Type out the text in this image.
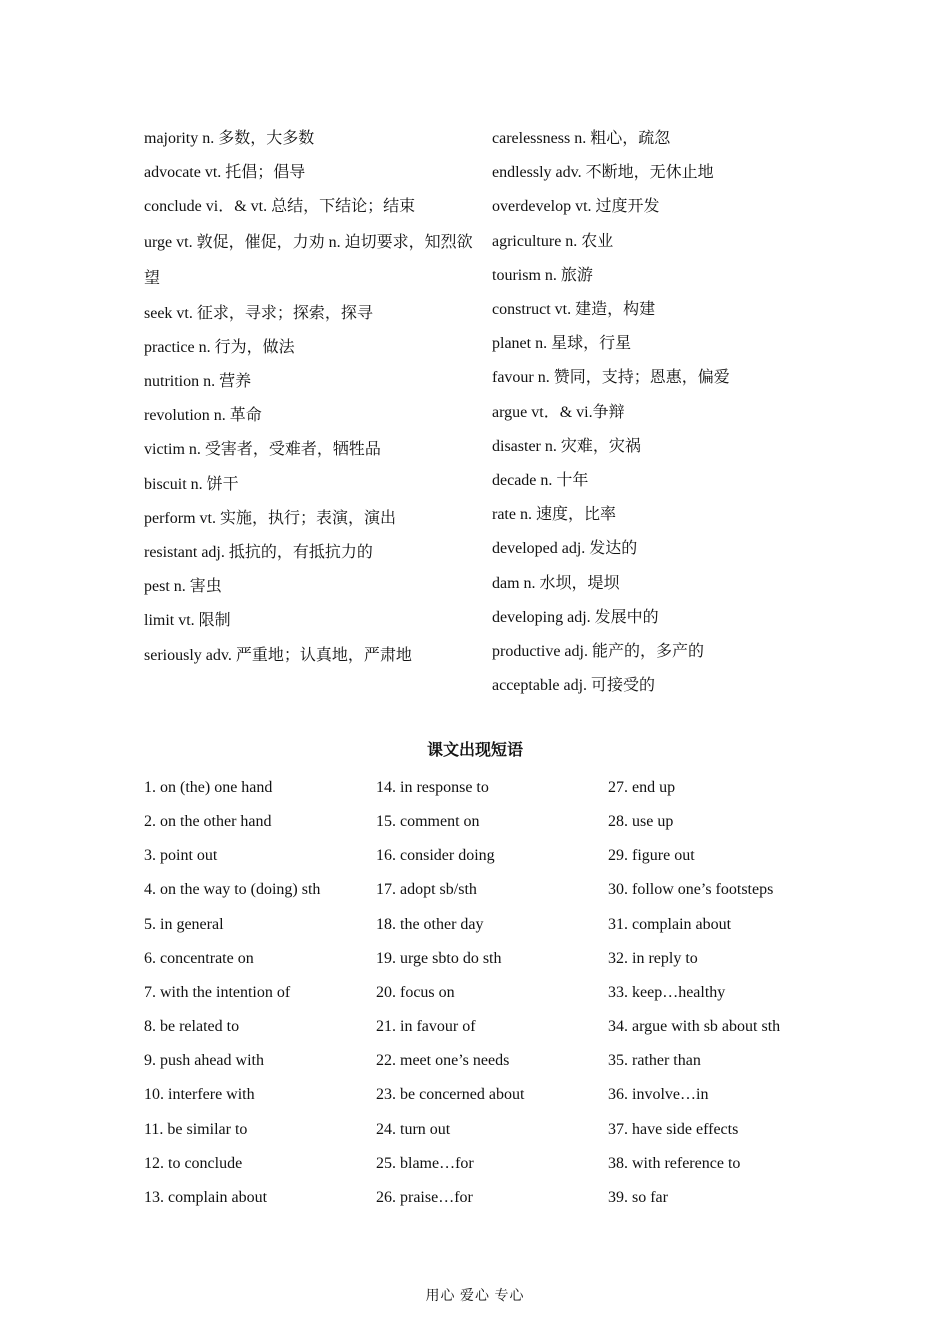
majority n. 多数，大多数
advocate vt. 托倡；倡导
conclude vi．& vt. 总结，下结论；结束
urge vt. 敦促，催促，力劝 n. 迫切要求，知烈欲望
seek vt. 征求，寻求；探索，探寻
practice n. 行为，做法
nutrition n. 营养
revolution n. 革命
victim n. 受害者，受难者，牺牲品
biscuit n. 饼干
perform vt. 实施，执行；表演，演出
resistant adj. 抵抗的，有抵抗力的
pest n. 害虫
limit vt. 限制
seriously adv. 严重地；认真地，严肃地
carelessness n. 粗心，疏忽
endlessly adv. 不断地，无休止地
overdevelop vt. 过度开发
agriculture n. 农业
tourism n. 旅游
construct vt. 建造，构建
planet n. 星球，行星
favour n. 赞同，支持；恩惠，偏爱
argue vt．& vi.争辩
disaster n. 灾难，灾祸
decade n. 十年
rate n. 速度，比率
developed adj. 发达的
dam n. 水坝，堤坝
developing adj. 发展中的
productive adj. 能产的，多产的
acceptable adj. 可接受的
课文出现短语
1. on (the) one hand
2. on the other hand
3. point out
4. on the way to (doing) sth
5. in general
6. concentrate on
7. with the intention of
8. be related to
9. push ahead with
10. interfere with
11. be similar to
12. to conclude
13. complain about
14. in response to
15. comment on
16. consider doing
17. adopt sb/sth
18. the other day
19. urge sbto do sth
20. focus on
21. in favour of
22. meet one’s needs
23. be concerned about
24. turn out
25. blame…for
26. praise…for
27. end up
28. use up
29. figure out
30. follow one’s footsteps
31. complain about
32. in reply to
33. keep…healthy
34. argue with sb about sth
35. rather than
36. involve…in
37. have side effects
38. with reference to
39. so far
用心 爱心 专心
